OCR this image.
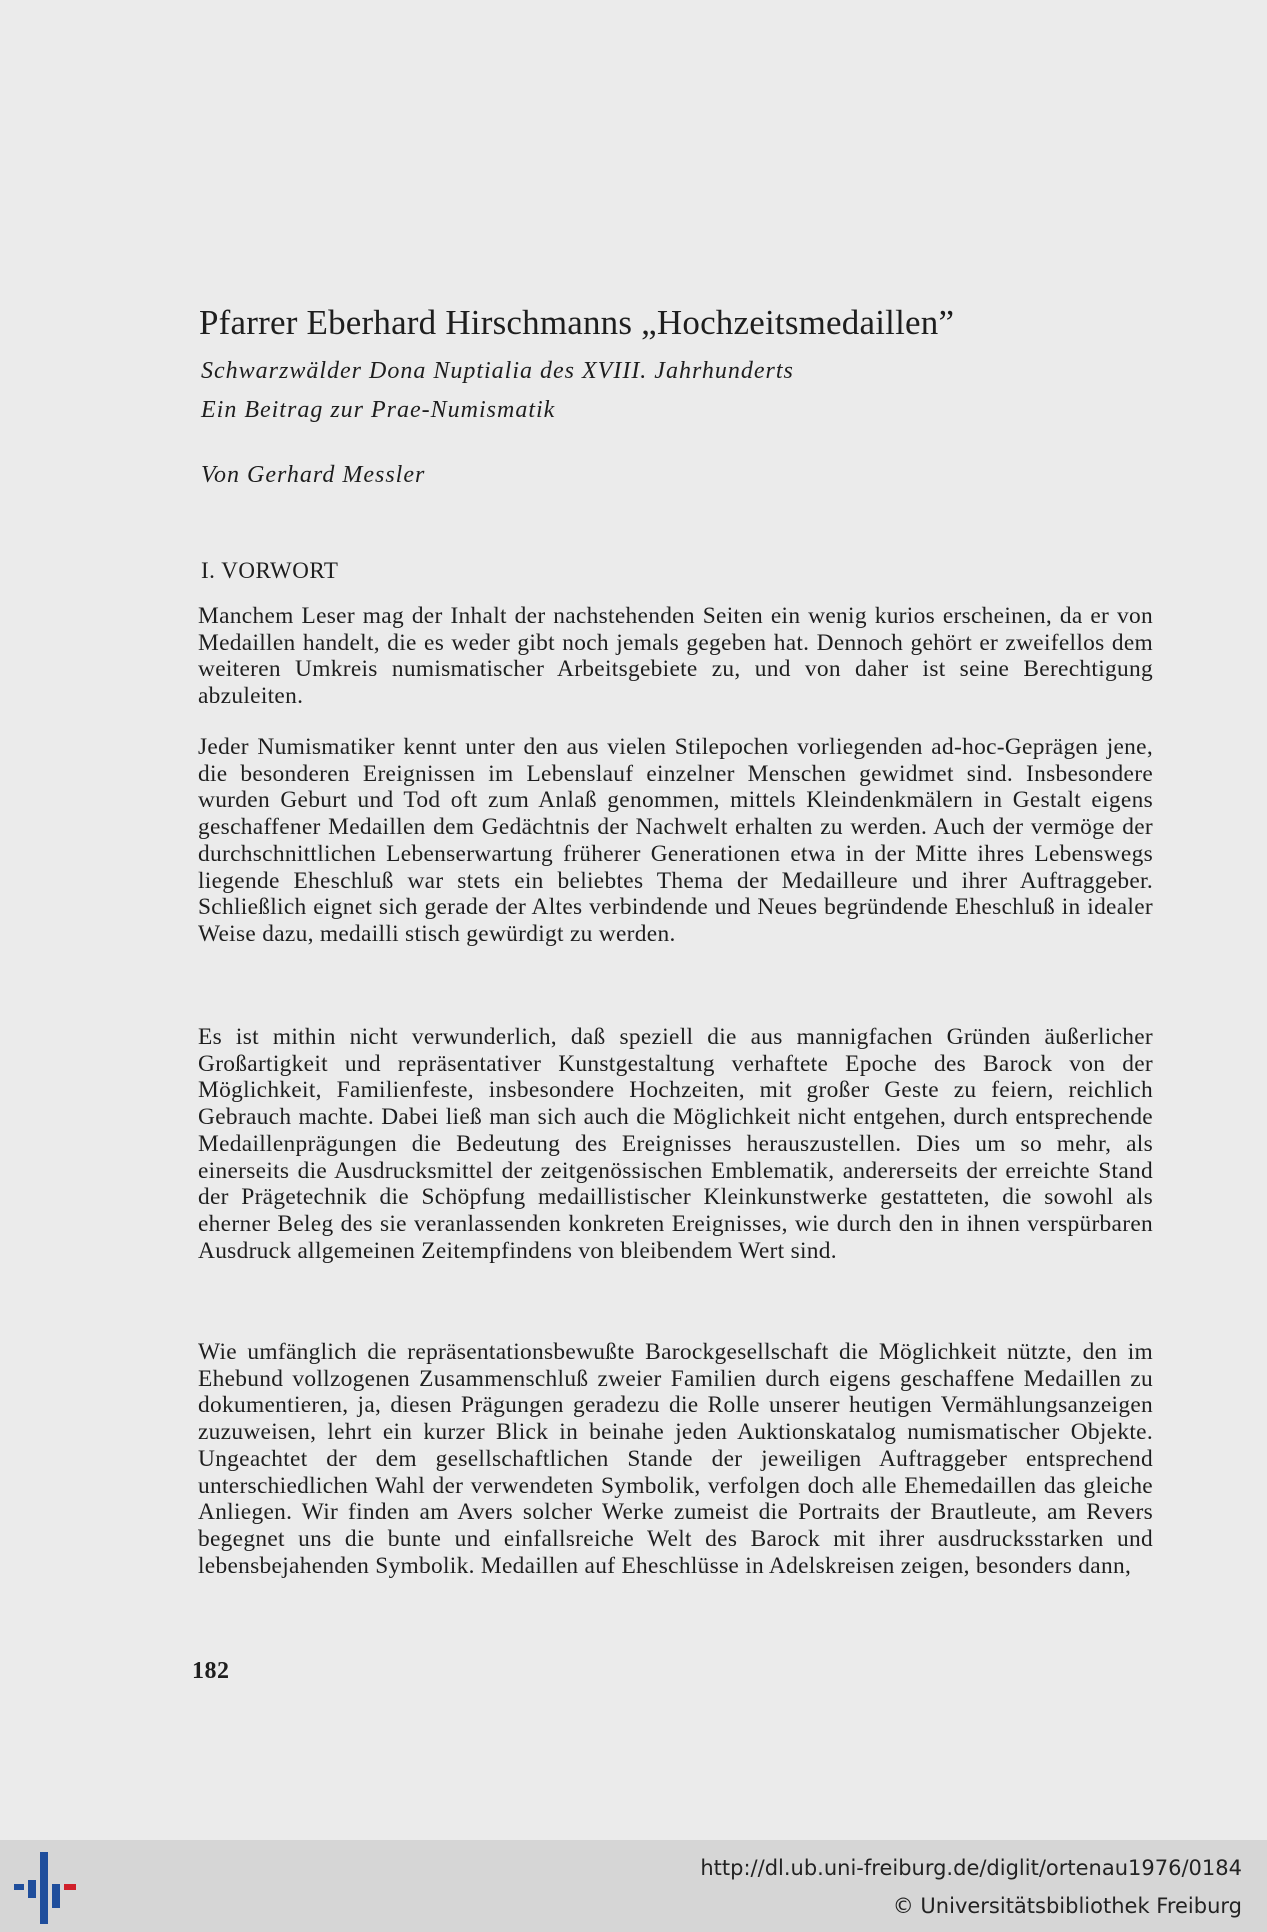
Pfarrer Eberhard Hirschmanns „Hochzeitsmedaillen”
Schwarzwälder Dona Nuptialia des XVIII. Jahrhunderts
Ein Beitrag zur Prae-Numismatik
Von Gerhard Messler
I. VORWORT

Manchem Leser mag der Inhalt der nachstehenden Seiten ein wenig kurios erscheinen, da er von Medaillen handelt, die es weder gibt noch jemals gegeben hat. Dennoch gehört er zweifellos dem weiteren Umkreis numismatischer Arbeitsgebiete zu, und von daher ist seine Berechtigung abzuleiten.

Jeder Numismatiker kennt unter den aus vielen Stilepochen vorliegenden ad-hoc-Geprägen jene, die besonderen Ereignissen im Lebenslauf einzelner Menschen gewidmet sind. Insbesondere wurden Geburt und Tod oft zum Anlaß genommen, mittels Kleindenkmälern in Gestalt eigens geschaffener Medaillen dem Gedächtnis der Nachwelt erhalten zu werden. Auch der vermöge der durchschnittlichen Lebenserwartung früherer Generationen etwa in der Mitte ihres Lebenswegs liegende Eheschluß war stets ein beliebtes Thema der Medailleure und ihrer Auftraggeber. Schließlich eignet sich gerade der Altes verbindende und Neues begründende Eheschluß in idealer Weise dazu, medailli stisch gewürdigt zu werden.

Es ist mithin nicht verwunderlich, daß speziell die aus mannigfachen Gründen äußerlicher Großartigkeit und repräsentativer Kunstgestaltung verhaftete Epoche des Barock von der Möglichkeit, Familienfeste, insbesondere Hochzeiten, mit großer Geste zu feiern, reichlich Gebrauch machte. Dabei ließ man sich auch die Möglichkeit nicht entgehen, durch entsprechende Medaillenprägungen die Bedeutung des Ereignisses herauszustellen. Dies um so mehr, als einerseits die Ausdrucksmittel der zeitgenössischen Emblematik, andererseits der erreichte Stand der Prägetechnik die Schöpfung medaillistischer Kleinkunstwerke gestatteten, die sowohl als eherner Beleg des sie veranlassenden konkreten Ereignisses, wie durch den in ihnen verspürbaren Ausdruck allgemeinen Zeitempfindens von bleibendem Wert sind.

Wie umfänglich die repräsentationsbewußte Barockgesellschaft die Möglichkeit nützte, den im Ehebund vollzogenen Zusammenschluß zweier Familien durch eigens geschaffene Medaillen zu dokumentieren, ja, diesen Prägungen geradezu die Rolle unserer heutigen Vermählungsanzeigen zuzuweisen, lehrt ein kurzer Blick in beinahe jeden Auktionskatalog numismatischer Objekte. Ungeachtet der dem gesellschaftlichen Stande der jeweiligen Auftraggeber entsprechend unterschiedlichen Wahl der verwendeten Symbolik, verfolgen doch alle Ehemedaillen das gleiche Anliegen. Wir finden am Avers solcher Werke zumeist die Portraits der Brautleute, am Revers begegnet uns die bunte und einfallsreiche Welt des Barock mit ihrer ausdrucksstarken und lebensbejahenden Symbolik. Medaillen auf Eheschlüsse in Adelskreisen zeigen, besonders dann,

182
http://dl.ub.uni-freiburg.de/diglit/ortenau1976/0184
© Universitätsbibliothek Freiburg
